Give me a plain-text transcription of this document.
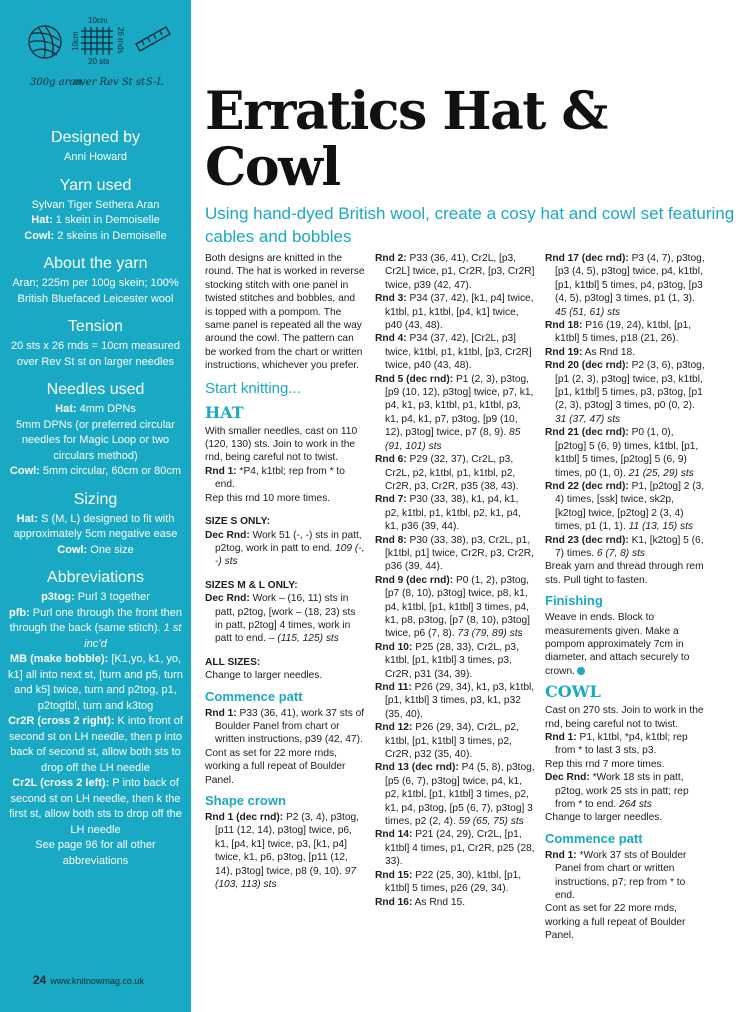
10cm
10cm	26 rnds
20 sts
300g aran
over Rev St st S-L
Designed by
Anni Howard
Yarn used
Sylvan Tiger Sethera Aran
Hat: 1 skein in Demoiselle
Cowl: 2 skeins in Demoiselle
About the yarn
Aran; 225m per 100g skein; 100% British Bluefaced Leicester wool
Tension
20 sts x 26 rnds = 10cm measured over Rev St st on larger needles
Needles used
Hat: 4mm DPNs
5mm DPNs (or preferred circular needles for Magic Loop or two circulars method)
Cowl: 5mm circular, 60cm or 80cm
Sizing
Hat: S (M, L) designed to fit with approximately 5cm negative ease
Cowl: One size
Abbreviations
p3tog: Purl 3 together
pfb: Purl one through the front then through the back (same stitch). 1 st inc’d
MB (make bobble): [K1,yo, k1, yo, k1] all into next st, [turn and p5, turn and k5] twice, turn and p2tog, p1, p2togtbl, turn and k3tog
Cr2R (cross 2 right): K into front of second st on LH needle, then p into back of second st, allow both sts to drop off the LH needle
Cr2L (cross 2 left): P into back of second st on LH needle, then k the first st, allow both sts to drop off the LH needle
See page 96 for all other abbreviations
24 www.knitnowmag.co.uk
Erratics Hat & Cowl
Using hand-dyed British wool, create a cosy hat and cowl set featuring cables and bobbles

Both designs are knitted in the round. The hat is worked in reverse stocking stitch with one panel in twisted stitches and bobbles, and is topped with a pompom. The same panel is repeated all the way around the cowl. The pattern can be worked from the chart or written instructions, whichever you prefer.

Start knitting...
HAT

With smaller needles, cast on 110 (120, 130) sts. Join to work in the rnd, being careful not to twist.

Rnd 1: *P4, k1tbl; rep from * to end.

Rep this rnd 10 more times.

SIZE S ONLY:

Dec Rnd: Work 51 (-, -) sts in patt, p2tog, work in patt to end. 109 (-, -) sts

SIZES M & L ONLY:

Dec Rnd: Work – (16, 11) sts in patt, p2tog, [work – (18, 23) sts in patt, p2tog] 4 times, work in patt to end. – (115, 125) sts

ALL SIZES:

Change to larger needles.

Commence patt

Rnd 1: P33 (36, 41), work 37 sts of Boulder Panel from chart or written instructions, p39 (42, 47).

Cont as set for 22 more rnds, working a full repeat of Boulder Panel.

Shape crown

Rnd 1 (dec rnd): P2 (3, 4), p3tog, [p11 (12, 14), p3tog] twice, p6, k1, [p4, k1] twice, p3, [k1, p4] twice, k1, p6, p3tog, [p11 (12, 14), p3tog] twice, p8 (9, 10). 97 (103, 113) sts

Rnd 2: P33 (36, 41), Cr2L, [p3, Cr2L] twice, p1, Cr2R, [p3, Cr2R] twice, p39 (42, 47).

Rnd 3: P34 (37, 42), [k1, p4] twice, k1tbl, p1, k1tbl, [p4, k1] twice, p40 (43, 48).

Rnd 4: P34 (37, 42), [Cr2L, p3] twice, k1tbl, p1, k1tbl, [p3, Cr2R] twice, p40 (43, 48).

Rnd 5 (dec rnd): P1 (2, 3), p3tog, [p9 (10, 12), p3tog] twice, p7, k1, p4, k1, p3, k1tbl, p1, k1tbl, p3, k1, p4, k1, p7, p3tog, [p9 (10, 12), p3tog] twice, p7 (8, 9). 85 (91, 101) sts

Rnd 6: P29 (32, 37), Cr2L, p3, Cr2L, p2, k1tbl, p1, k1tbl, p2, Cr2R, p3, Cr2R, p35 (38, 43).

Rnd 7: P30 (33, 38), k1, p4, k1, p2, k1tbl, p1, k1tbl, p2, k1, p4, k1, p36 (39, 44).

Rnd 8: P30 (33, 38), p3, Cr2L, p1, [k1tbl, p1] twice, Cr2R, p3, Cr2R, p36 (39, 44).

Rnd 9 (dec rnd): P0 (1, 2), p3tog, [p7 (8, 10), p3tog] twice, p8, k1, p4, k1tbl, [p1, k1tbl] 3 times, p4, k1, p8, p3tog, [p7 (8, 10), p3tog] twice, p6 (7, 8). 73 (79, 89) sts

Rnd 10: P25 (28, 33), Cr2L, p3, k1tbl, [p1, k1tbl] 3 times, p3, Cr2R, p31 (34, 39).

Rnd 11: P26 (29, 34), k1, p3, k1tbl, [p1, k1tbl] 3 times, p3, k1, p32 (35, 40).

Rnd 12: P26 (29, 34), Cr2L, p2, k1tbl, [p1, k1tbl] 3 times, p2, Cr2R, p32 (35, 40).

Rnd 13 (dec rnd): P4 (5, 8), p3tog, [p5 (6, 7), p3tog] twice, p4, k1, p2, k1tbl, [p1, k1tbl] 3 times, p2, k1, p4, p3tog, [p5 (6, 7), p3tog] 3 times, p2 (2, 4). 59 (65, 75) sts

Rnd 14: P21 (24, 29), Cr2L, [p1, k1tbl] 4 times, p1, Cr2R, p25 (28, 33).

Rnd 15: P22 (25, 30), k1tbl, [p1, k1tbl] 5 times, p26 (29, 34).

Rnd 16: As Rnd 15.

Rnd 17 (dec rnd): P3 (4, 7), p3tog, [p3 (4, 5), p3tog] twice, p4, k1tbl, [p1, k1tbl] 5 times, p4, p3tog, [p3 (4, 5), p3tog] 3 times, p1 (1, 3). 45 (51, 61) sts

Rnd 18: P16 (19, 24), k1tbl, [p1, k1tbl] 5 times, p18 (21, 26).

Rnd 19: As Rnd 18.

Rnd 20 (dec rnd): P2 (3, 6), p3tog, [p1 (2, 3), p3tog] twice, p3, k1tbl, [p1, k1tbl] 5 times, p3, p3tog, [p1 (2, 3), p3tog] 3 times, p0 (0, 2). 31 (37, 47) sts

Rnd 21 (dec rnd): P0 (1, 0), [p2tog] 5 (6, 9) times, k1tbl, [p1, k1tbl] 5 times, [p2tog] 5 (6, 9) times, p0 (1, 0). 21 (25, 29) sts

Rnd 22 (dec rnd): P1, [p2tog] 2 (3, 4) times, [ssk] twice, sk2p, [k2tog] twice, [p2tog] 2 (3, 4) times, p1 (1, 1). 11 (13, 15) sts

Rnd 23 (dec rnd): K1, [k2tog] 5 (6, 7) times. 6 (7, 8) sts

Break yarn and thread through rem sts. Pull tight to fasten.

Finishing

Weave in ends. Block to measurements given. Make a pompom approximately 7cm in diameter, and attach securely to crown.

COWL

Cast on 270 sts. Join to work in the rnd, being careful not to twist.

Rnd 1: P1, k1tbl, *p4, k1tbl; rep from * to last 3 sts, p3.

Rep this rnd 7 more times.

Dec Rnd: *Work 18 sts in patt, p2tog, work 25 sts in patt; rep from * to end. 264 sts

Change to larger needles.

Commence patt

Rnd 1: *Work 37 sts of Boulder Panel from chart or written instructions, p7; rep from * to end.

Cont as set for 22 more rnds, working a full repeat of Boulder Panel.
